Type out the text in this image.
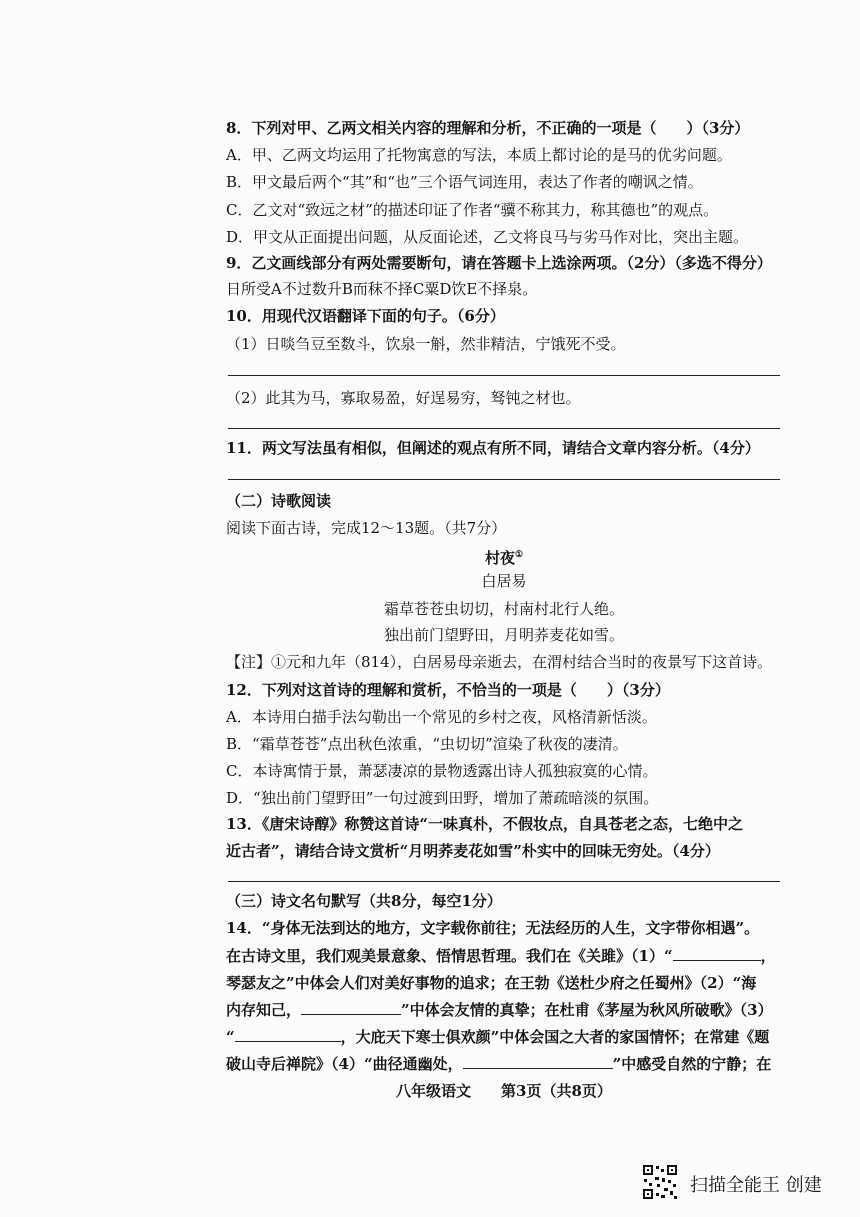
8．下列对甲、乙两文相关内容的理解和分析，不正确的一项是（　　）（3分）
A．甲、乙两文均运用了托物寓意的写法，本质上都讨论的是马的优劣问题。
B．甲文最后两个“其”和“也”三个语气词连用，表达了作者的嘲讽之情。
C．乙文对“致远之材”的描述印证了作者“骥不称其力，称其德也”的观点。
D．甲文从正面提出问题，从反面论述，乙文将良马与劣马作对比，突出主题。
9．乙文画线部分有两处需要断句，请在答题卡上选涂两项。（2分）（多选不得分）
日所受A不过数升B而秣不择C粟D饮E不择泉。
10．用现代汉语翻译下面的句子。（6分）
（1）日啖刍豆至数斗，饮泉一斛，然非精洁，宁饿死不受。
（2）此其为马，寡取易盈，好逞易穷，驽钝之材也。
11．两文写法虽有相似，但阐述的观点有所不同，请结合文章内容分析。（4分）
（二）诗歌阅读
阅读下面古诗，完成12～13题。（共7分）
村夜①
白居易
霜草苍苍虫切切，村南村北行人绝。
独出前门望野田，月明荞麦花如雪。
【注】①元和九年（814），白居易母亲逝去，在渭村结合当时的夜景写下这首诗。
12．下列对这首诗的理解和赏析，不恰当的一项是（　　）（3分）
A．本诗用白描手法勾勒出一个常见的乡村之夜，风格清新恬淡。
B．“霜草苍苍”点出秋色浓重，“虫切切”渲染了秋夜的凄清。
C．本诗寓情于景，萧瑟凄凉的景物透露出诗人孤独寂寞的心情。
D．“独出前门望野田”一句过渡到田野，增加了萧疏暗淡的氛围。
13．《唐宋诗醇》称赞这首诗“一味真朴，不假妆点，自具苍老之态，七绝中之
近古者”，请结合诗文赏析“月明荞麦花如雪”朴实中的回味无穷处。（4分）
（三）诗文名句默写（共8分，每空1分）
14．“身体无法到达的地方，文字载你前往；无法经历的人生，文字带你相遇”。
在古诗文里，我们观美景意象、悟情思哲理。我们在《关雎》（1）“	，
琴瑟友之”中体会人们对美好事物的追求；在王勃《送杜少府之任蜀州》（2）“海
内存知己，	”中体会友情的真挚；在杜甫《茅屋为秋风所破歌》（3）
“	，大庇天下寒士俱欢颜”中体会国之大者的家国情怀；在常建《题
破山寺后禅院》（4）“曲径通幽处，	”中感受自然的宁静；在
八年级语文　　第3页（共8页）
扫描全能王 创建
